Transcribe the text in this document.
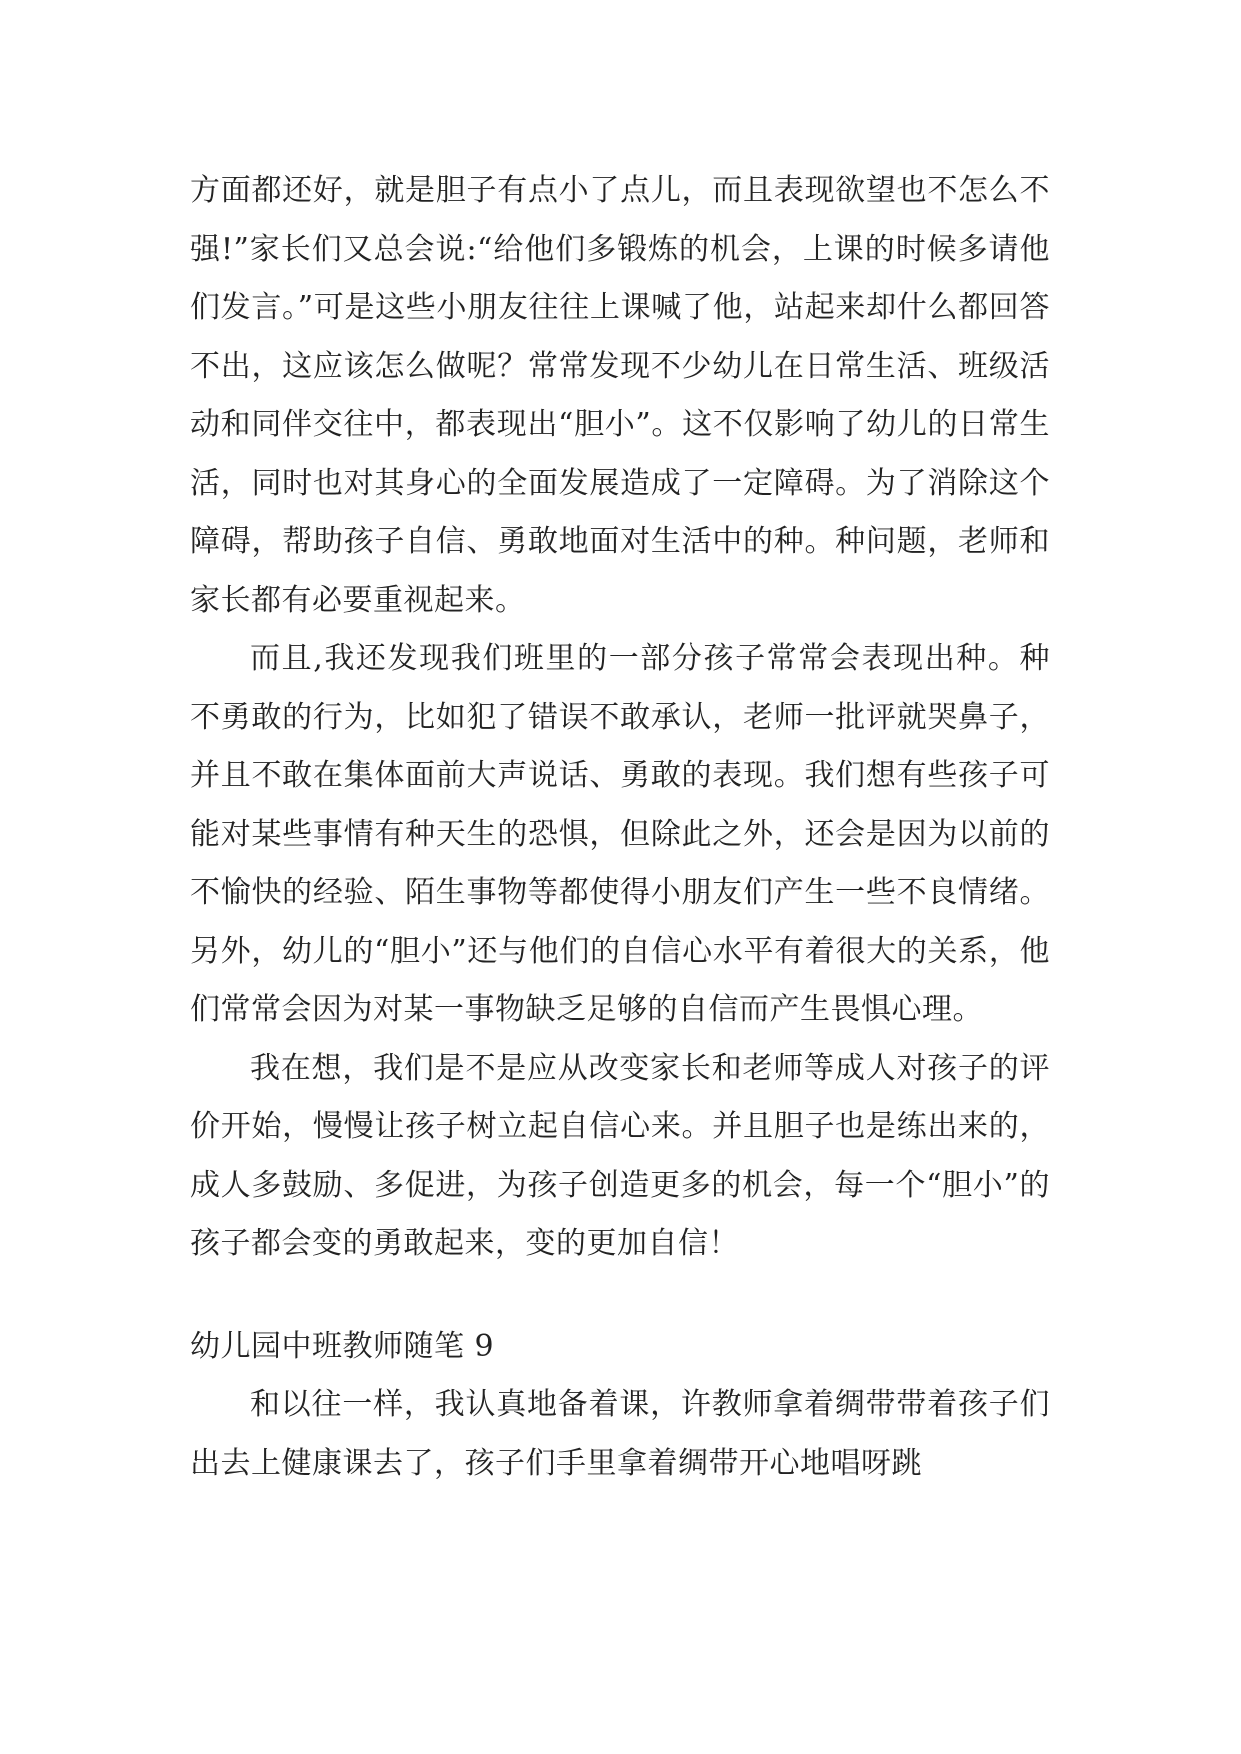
方面都还好，就是胆子有点小了点儿，而且表现欲望也不怎么不强!”家长们又总会说:“给他们多锻炼的机会，上课的时候多请他们发言。”可是这些小朋友往往上课喊了他，站起来却什么都回答不出，这应该怎么做呢？常常发现不少幼儿在日常生活、班级活动和同伴交往中，都表现出“胆小”。这不仅影响了幼儿的日常生活，同时也对其身心的全面发展造成了一定障碍。为了消除这个障碍，帮助孩子自信、勇敢地面对生活中的种。种问题，老师和家长都有必要重视起来。

而且,我还发现我们班里的一部分孩子常常会表现出种。种不勇敢的行为，比如犯了错误不敢承认，老师一批评就哭鼻子，并且不敢在集体面前大声说话、勇敢的表现。我们想有些孩子可能对某些事情有种天生的恐惧，但除此之外，还会是因为以前的不愉快的经验、陌生事物等都使得小朋友们产生一些不良情绪。另外，幼儿的“胆小”还与他们的自信心水平有着很大的关系，他们常常会因为对某一事物缺乏足够的自信而产生畏惧心理。

我在想，我们是不是应从改变家长和老师等成人对孩子的评价开始，慢慢让孩子树立起自信心来。并且胆子也是练出来的，成人多鼓励、多促进，为孩子创造更多的机会，每一个“胆小”的孩子都会变的勇敢起来，变的更加自信！

幼儿园中班教师随笔 9

和以往一样，我认真地备着课，许教师拿着绸带带着孩子们出去上健康课去了，孩子们手里拿着绸带开心地唱呀跳
